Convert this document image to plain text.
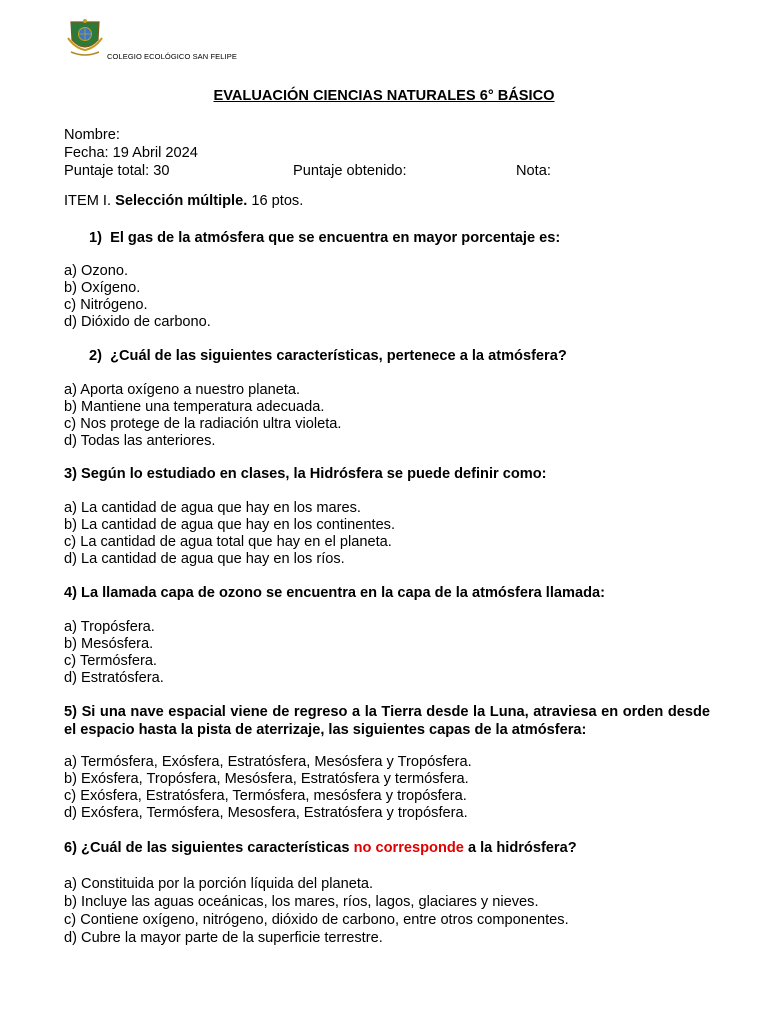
COLEGIO ECOLÓGICO SAN FELIPE
EVALUACIÓN CIENCIAS NATURALES 6° BÁSICO
Nombre:
Fecha: 19 Abril 2024
Puntaje total: 30	Puntaje obtenido:	Nota:
ITEM I. Selección múltiple. 16 ptos.
1) El gas de la atmósfera que se encuentra en mayor porcentaje es:
a) Ozono.
b) Oxígeno.
c) Nitrógeno.
d) Dióxido de carbono.
2) ¿Cuál de las siguientes características, pertenece a la atmósfera?
a) Aporta oxígeno a nuestro planeta.
b) Mantiene una temperatura adecuada.
c) Nos protege de la radiación ultra violeta.
d) Todas las anteriores.
3) Según lo estudiado en clases, la Hidrósfera se puede definir como:
a) La cantidad de agua que hay en los mares.
b) La cantidad de agua que hay en los continentes.
c) La cantidad de agua total que hay en el planeta.
d) La cantidad de agua que hay en los ríos.
4) La llamada capa de ozono se encuentra en la capa de la atmósfera llamada:
a) Tropósfera.
b) Mesósfera.
c) Termósfera.
d) Estratósfera.
5) Si una nave espacial viene de regreso a la Tierra desde la Luna, atraviesa en orden desde el espacio hasta la pista de aterrizaje, las siguientes capas de la atmósfera:
a) Termósfera, Exósfera, Estratósfera, Mesósfera y Tropósfera.
b) Exósfera, Tropósfera, Mesósfera, Estratósfera y termósfera.
c) Exósfera, Estratósfera, Termósfera, mesósfera y tropósfera.
d) Exósfera, Termósfera, Mesosfera, Estratósfera y tropósfera.
6) ¿Cuál de las siguientes características no corresponde a la hidrósfera?
a) Constituida por la porción líquida del planeta.
b) Incluye las aguas oceánicas, los mares, ríos, lagos, glaciares y nieves.
c) Contiene oxígeno, nitrógeno, dióxido de carbono, entre otros componentes.
d) Cubre la mayor parte de la superficie terrestre.
